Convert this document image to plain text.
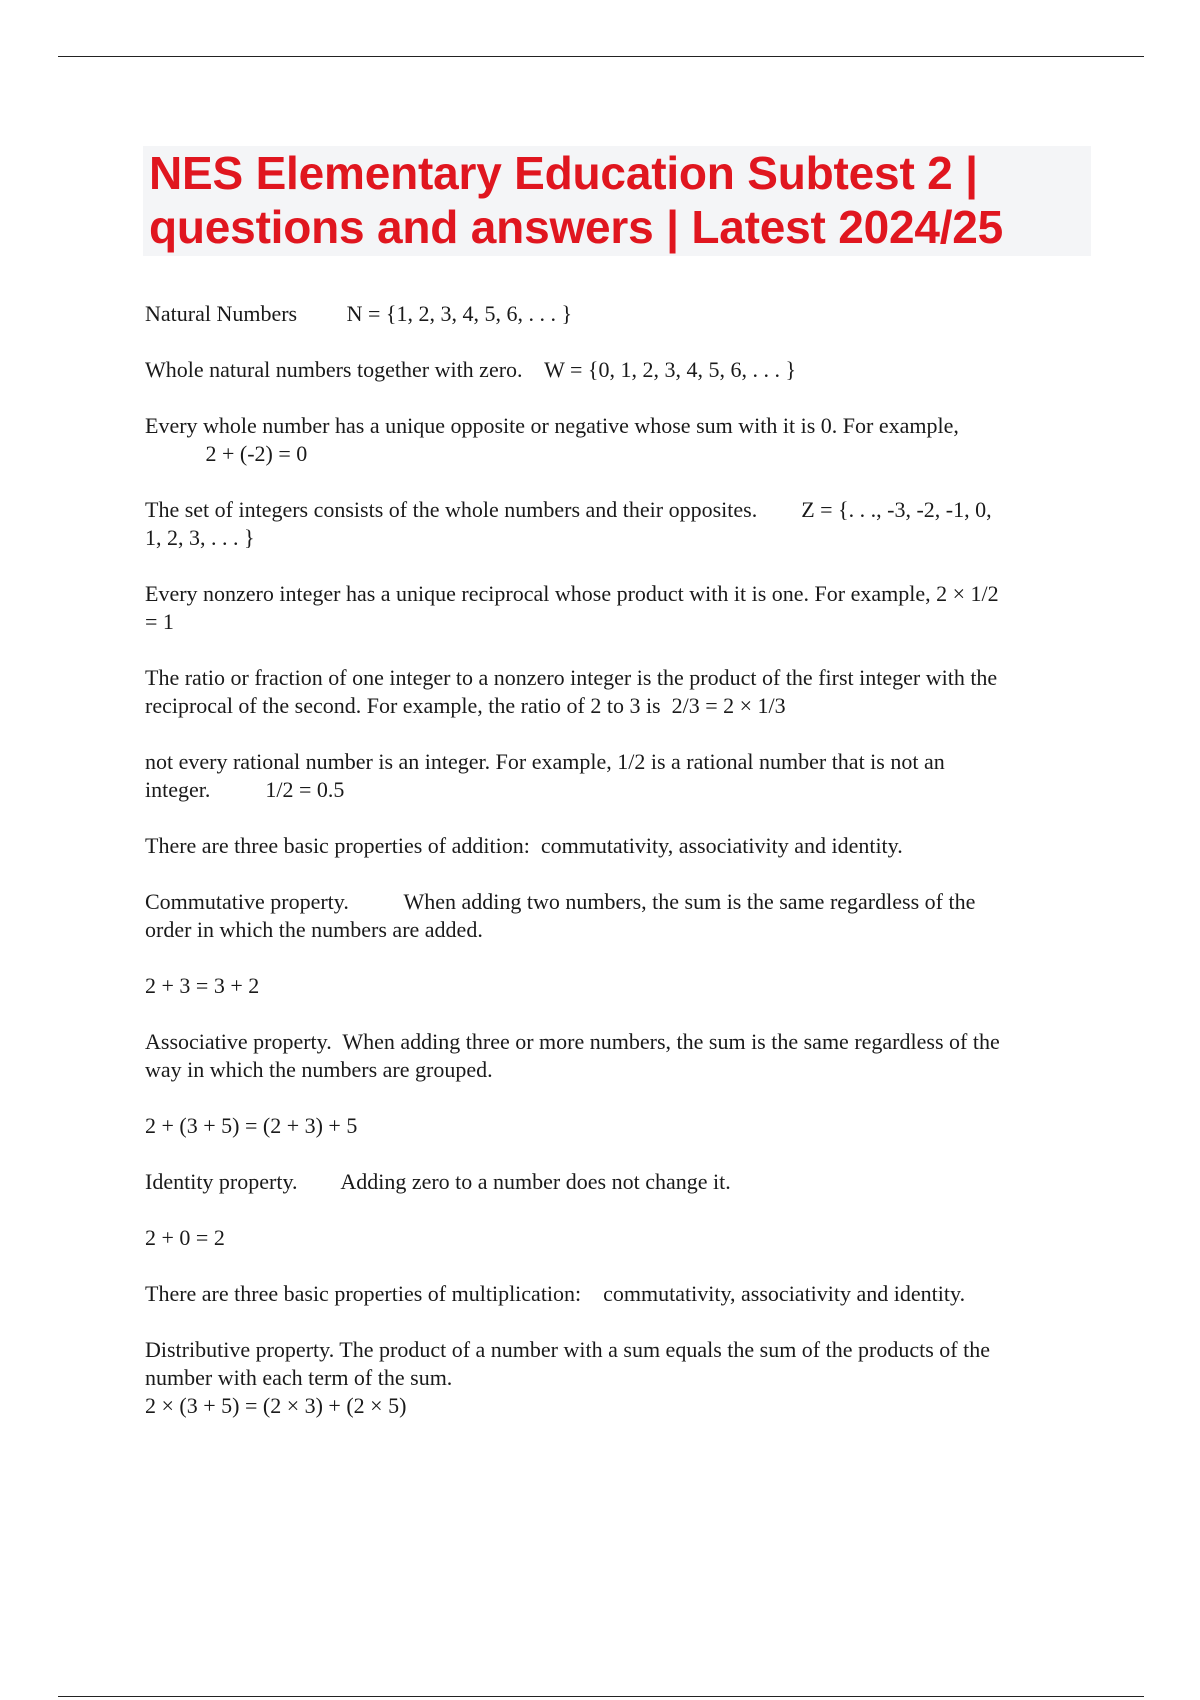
NES Elementary Education Subtest 2 |
questions and answers | Latest 2024/25

Natural Numbers         N = {1, 2, 3, 4, 5, 6, . . . }

Whole natural numbers together with zero.    W = {0, 1, 2, 3, 4, 5, 6, . . . }

Every whole number has a unique opposite or negative whose sum with it is 0. For example,
2 + (-2) = 0

The set of integers consists of the whole numbers and their opposites.        Z = {. . ., -3, -2, -1, 0,
1, 2, 3, . . . }

Every nonzero integer has a unique reciprocal whose product with it is one. For example, 2 × 1/2
= 1

The ratio or fraction of one integer to a nonzero integer is the product of the first integer with the
reciprocal of the second. For example, the ratio of 2 to 3 is  2/3 = 2 × 1/3

not every rational number is an integer. For example, 1/2 is a rational number that is not an
integer.          1/2 = 0.5

There are three basic properties of addition:  commutativity, associativity and identity.

Commutative property.          When adding two numbers, the sum is the same regardless of the
order in which the numbers are added.

2 + 3 = 3 + 2

Associative property.  When adding three or more numbers, the sum is the same regardless of the
way in which the numbers are grouped.

2 + (3 + 5) = (2 + 3) + 5

Identity property.        Adding zero to a number does not change it.

2 + 0 = 2

There are three basic properties of multiplication:    commutativity, associativity and identity.

Distributive property. The product of a number with a sum equals the sum of the products of the
number with each term of the sum.
2 × (3 + 5) = (2 × 3) + (2 × 5)
